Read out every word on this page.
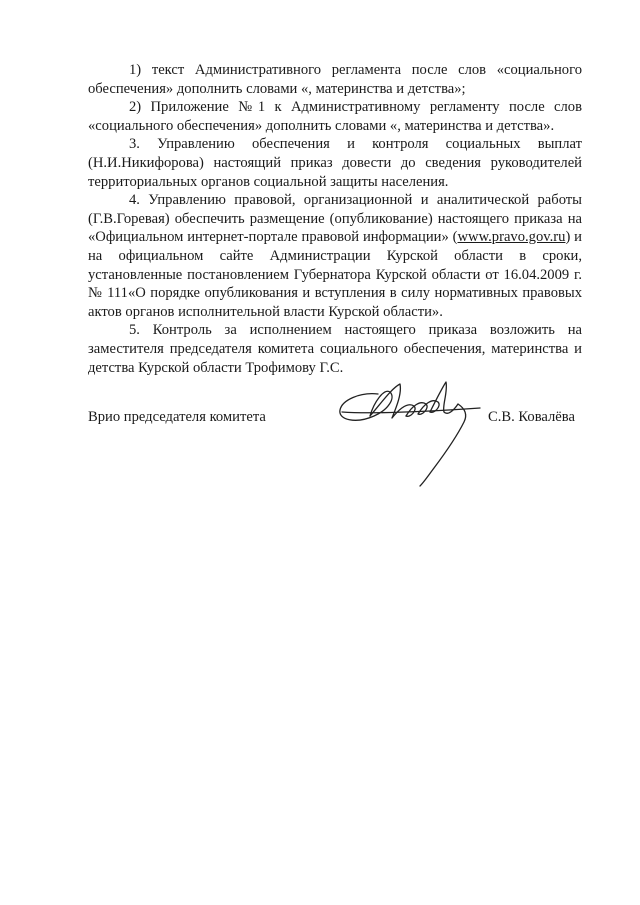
1) текст Административного регламента после слов «социального обеспечения» дополнить словами «, материнства и детства»;

2) Приложение №1 к Административному регламенту после слов «социального обеспечения» дополнить словами «, материнства и детства».

3. Управлению обеспечения и контроля социальных выплат (Н.И.Никифорова) настоящий приказ довести до сведения руководителей территориальных органов социальной защиты населения.

4. Управлению правовой, организационной и аналитической работы (Г.В.Горевая) обеспечить размещение (опубликование) настоящего приказа на «Официальном интернет-портале правовой информации» (www.pravo.gov.ru) и на официальном сайте Администрации Курской области в сроки, установленные постановлением Губернатора Курской области от 16.04.2009 г. № 111«О порядке опубликования и вступления в силу нормативных правовых актов органов исполнительной власти Курской области».

5. Контроль за исполнением настоящего приказа возложить на заместителя председателя комитета социального обеспечения, материнства и детства Курской области Трофимову Г.С.

Врио председателя комитета	С.В. Ковалёва
